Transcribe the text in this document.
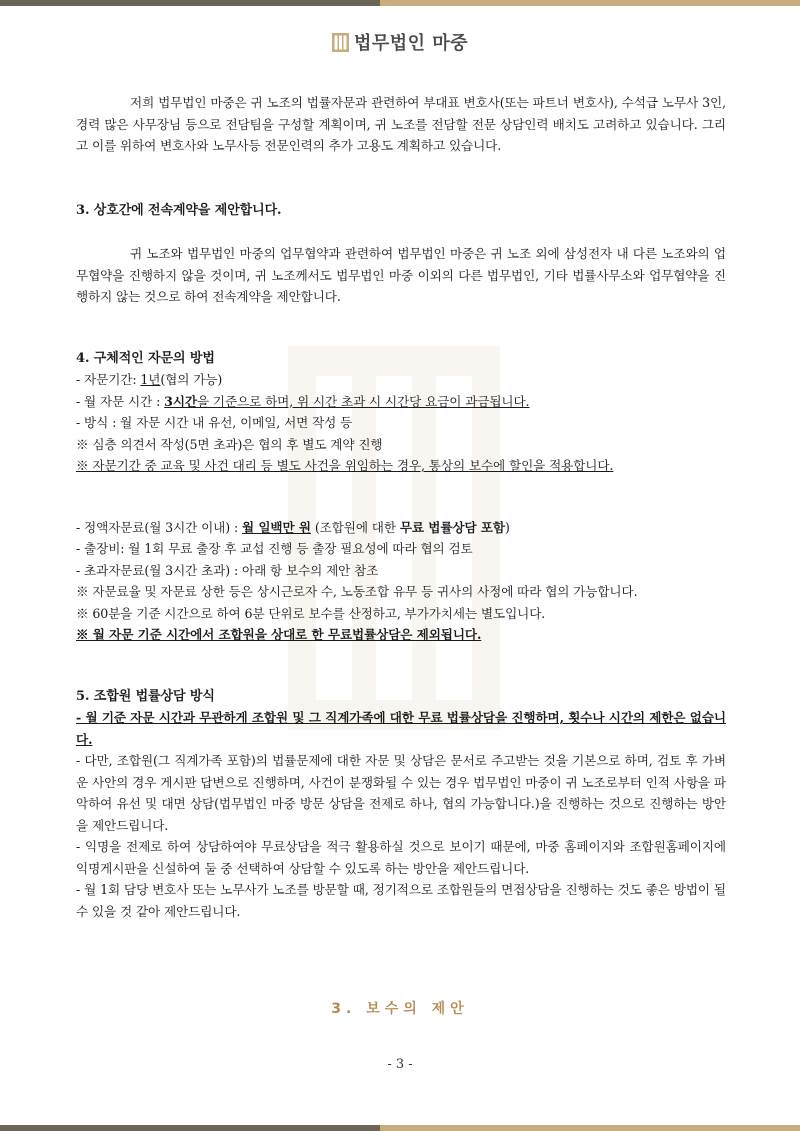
법무법인 마중

저희 법무법인 마중은 귀 노조의 법률자문과 관련하여 부대표 변호사(또는 파트너 변호사), 수석급 노무사 3인, 경력 많은 사무장님 등으로 전담팀을 구성할 계획이며, 귀 노조를 전담할 전문 상담인력 배치도 고려하고 있습니다. 그리고 이를 위하여 변호사와 노무사등 전문인력의 추가 고용도 계획하고 있습니다.

3. 상호간에 전속계약을 제안합니다.

귀 노조와 법무법인 마중의 업무협약과 관련하여 법무법인 마중은 귀 노조 외에 삼성전자 내 다른 노조와의 업무협약을 진행하지 않을 것이며, 귀 노조께서도 법무법인 마중 이외의 다른 법무법인, 기타 법률사무소와 업무협약을 진행하지 않는 것으로 하여 전속계약을 제안합니다.

4. 구체적인 자문의 방법

- 자문기간: 1년(협의 가능)

- 월 자문 시간 : 3시간을 기준으로 하며, 위 시간 초과 시 시간당 요금이 과금됩니다.

- 방식 : 월 자문 시간 내 유선, 이메일, 서면 작성 등

※ 심층 의견서 작성(5면 초과)은 협의 후 별도 계약 진행

※ 자문기간 중 교육 및 사건 대리 등 별도 사건을 위임하는 경우, 통상의 보수에 할인을 적용합니다.

- 정액자문료(월 3시간 이내) : 월 일백만 원 (조합원에 대한 무료 법률상담 포함)

- 출장비: 월 1회 무료 출장 후 교섭 진행 등 출장 필요성에 따라 협의 검토

- 초과자문료(월 3시간 초과) : 아래 항 보수의 제안 참조

※ 자문료율 및 자문료 상한 등은 상시근로자 수, 노동조합 유무 등 귀사의 사정에 따라 협의 가능합니다.

※ 60분을 기준 시간으로 하여 6분 단위로 보수를 산정하고, 부가가치세는 별도입니다.

※ 월 자문 기준 시간에서 조합원을 상대로 한 무료법률상담은 제외됩니다.

5. 조합원 법률상담 방식

- 월 기준 자문 시간과 무관하게 조합원 및 그 직계가족에 대한 무료 법률상담을 진행하며, 횟수나 시간의 제한은 없습니다.

- 다만, 조합원(그 직계가족 포함)의 법률문제에 대한 자문 및 상담은 문서로 주고받는 것을 기본으로 하며, 검토 후 가벼운 사안의 경우 게시판 답변으로 진행하며, 사건이 분쟁화될 수 있는 경우 법무법인 마중이 귀 노조로부터 인적 사항을 파악하여 유선 및 대면 상담(법무법인 마중 방문 상담을 전제로 하나, 협의 가능합니다.)을 진행하는 것으로 진행하는 방안을 제안드립니다.

- 익명을 전제로 하여 상담하여야 무료상담을 적극 활용하실 것으로 보이기 때문에, 마중 홈페이지와 조합원홈페이지에 익명게시판을 신설하여 둘 중 선택하여 상담할 수 있도록 하는 방안을 제안드립니다.

- 월 1회 담당 변호사 또는 노무사가 노조를 방문할 때, 정기적으로 조합원들의 면접상담을 진행하는 것도 좋은 방법이 될 수 있을 것 같아 제안드립니다.

3. 보수의 제안
- 3 -
